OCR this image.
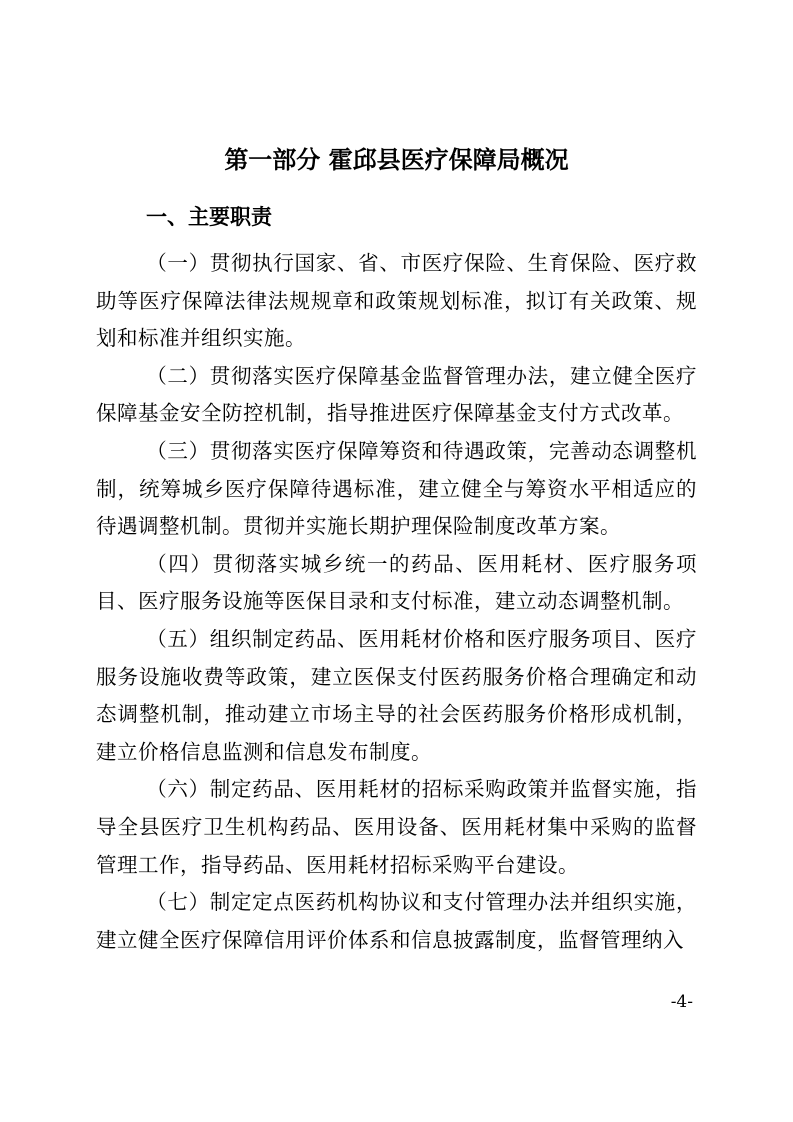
第一部分 霍邱县医疗保障局概况
一、主要职责

（一）贯彻执行国家、省、市医疗保险、生育保险、医疗救助等医疗保障法律法规规章和政策规划标准，拟订有关政策、规划和标准并组织实施。

（二）贯彻落实医疗保障基金监督管理办法，建立健全医疗保障基金安全防控机制，指导推进医疗保障基金支付方式改革。

（三）贯彻落实医疗保障筹资和待遇政策，完善动态调整机制，统筹城乡医疗保障待遇标准，建立健全与筹资水平相适应的待遇调整机制。贯彻并实施长期护理保险制度改革方案。

（四）贯彻落实城乡统一的药品、医用耗材、医疗服务项目、医疗服务设施等医保目录和支付标准，建立动态调整机制。

（五）组织制定药品、医用耗材价格和医疗服务项目、医疗服务设施收费等政策，建立医保支付医药服务价格合理确定和动态调整机制，推动建立市场主导的社会医药服务价格形成机制，建立价格信息监测和信息发布制度。

（六）制定药品、医用耗材的招标采购政策并监督实施，指导全县医疗卫生机构药品、医用设备、医用耗材集中采购的监督管理工作，指导药品、医用耗材招标采购平台建设。

（七）制定定点医药机构协议和支付管理办法并组织实施，建立健全医疗保障信用评价体系和信息披露制度，监督管理纳入

-4-
